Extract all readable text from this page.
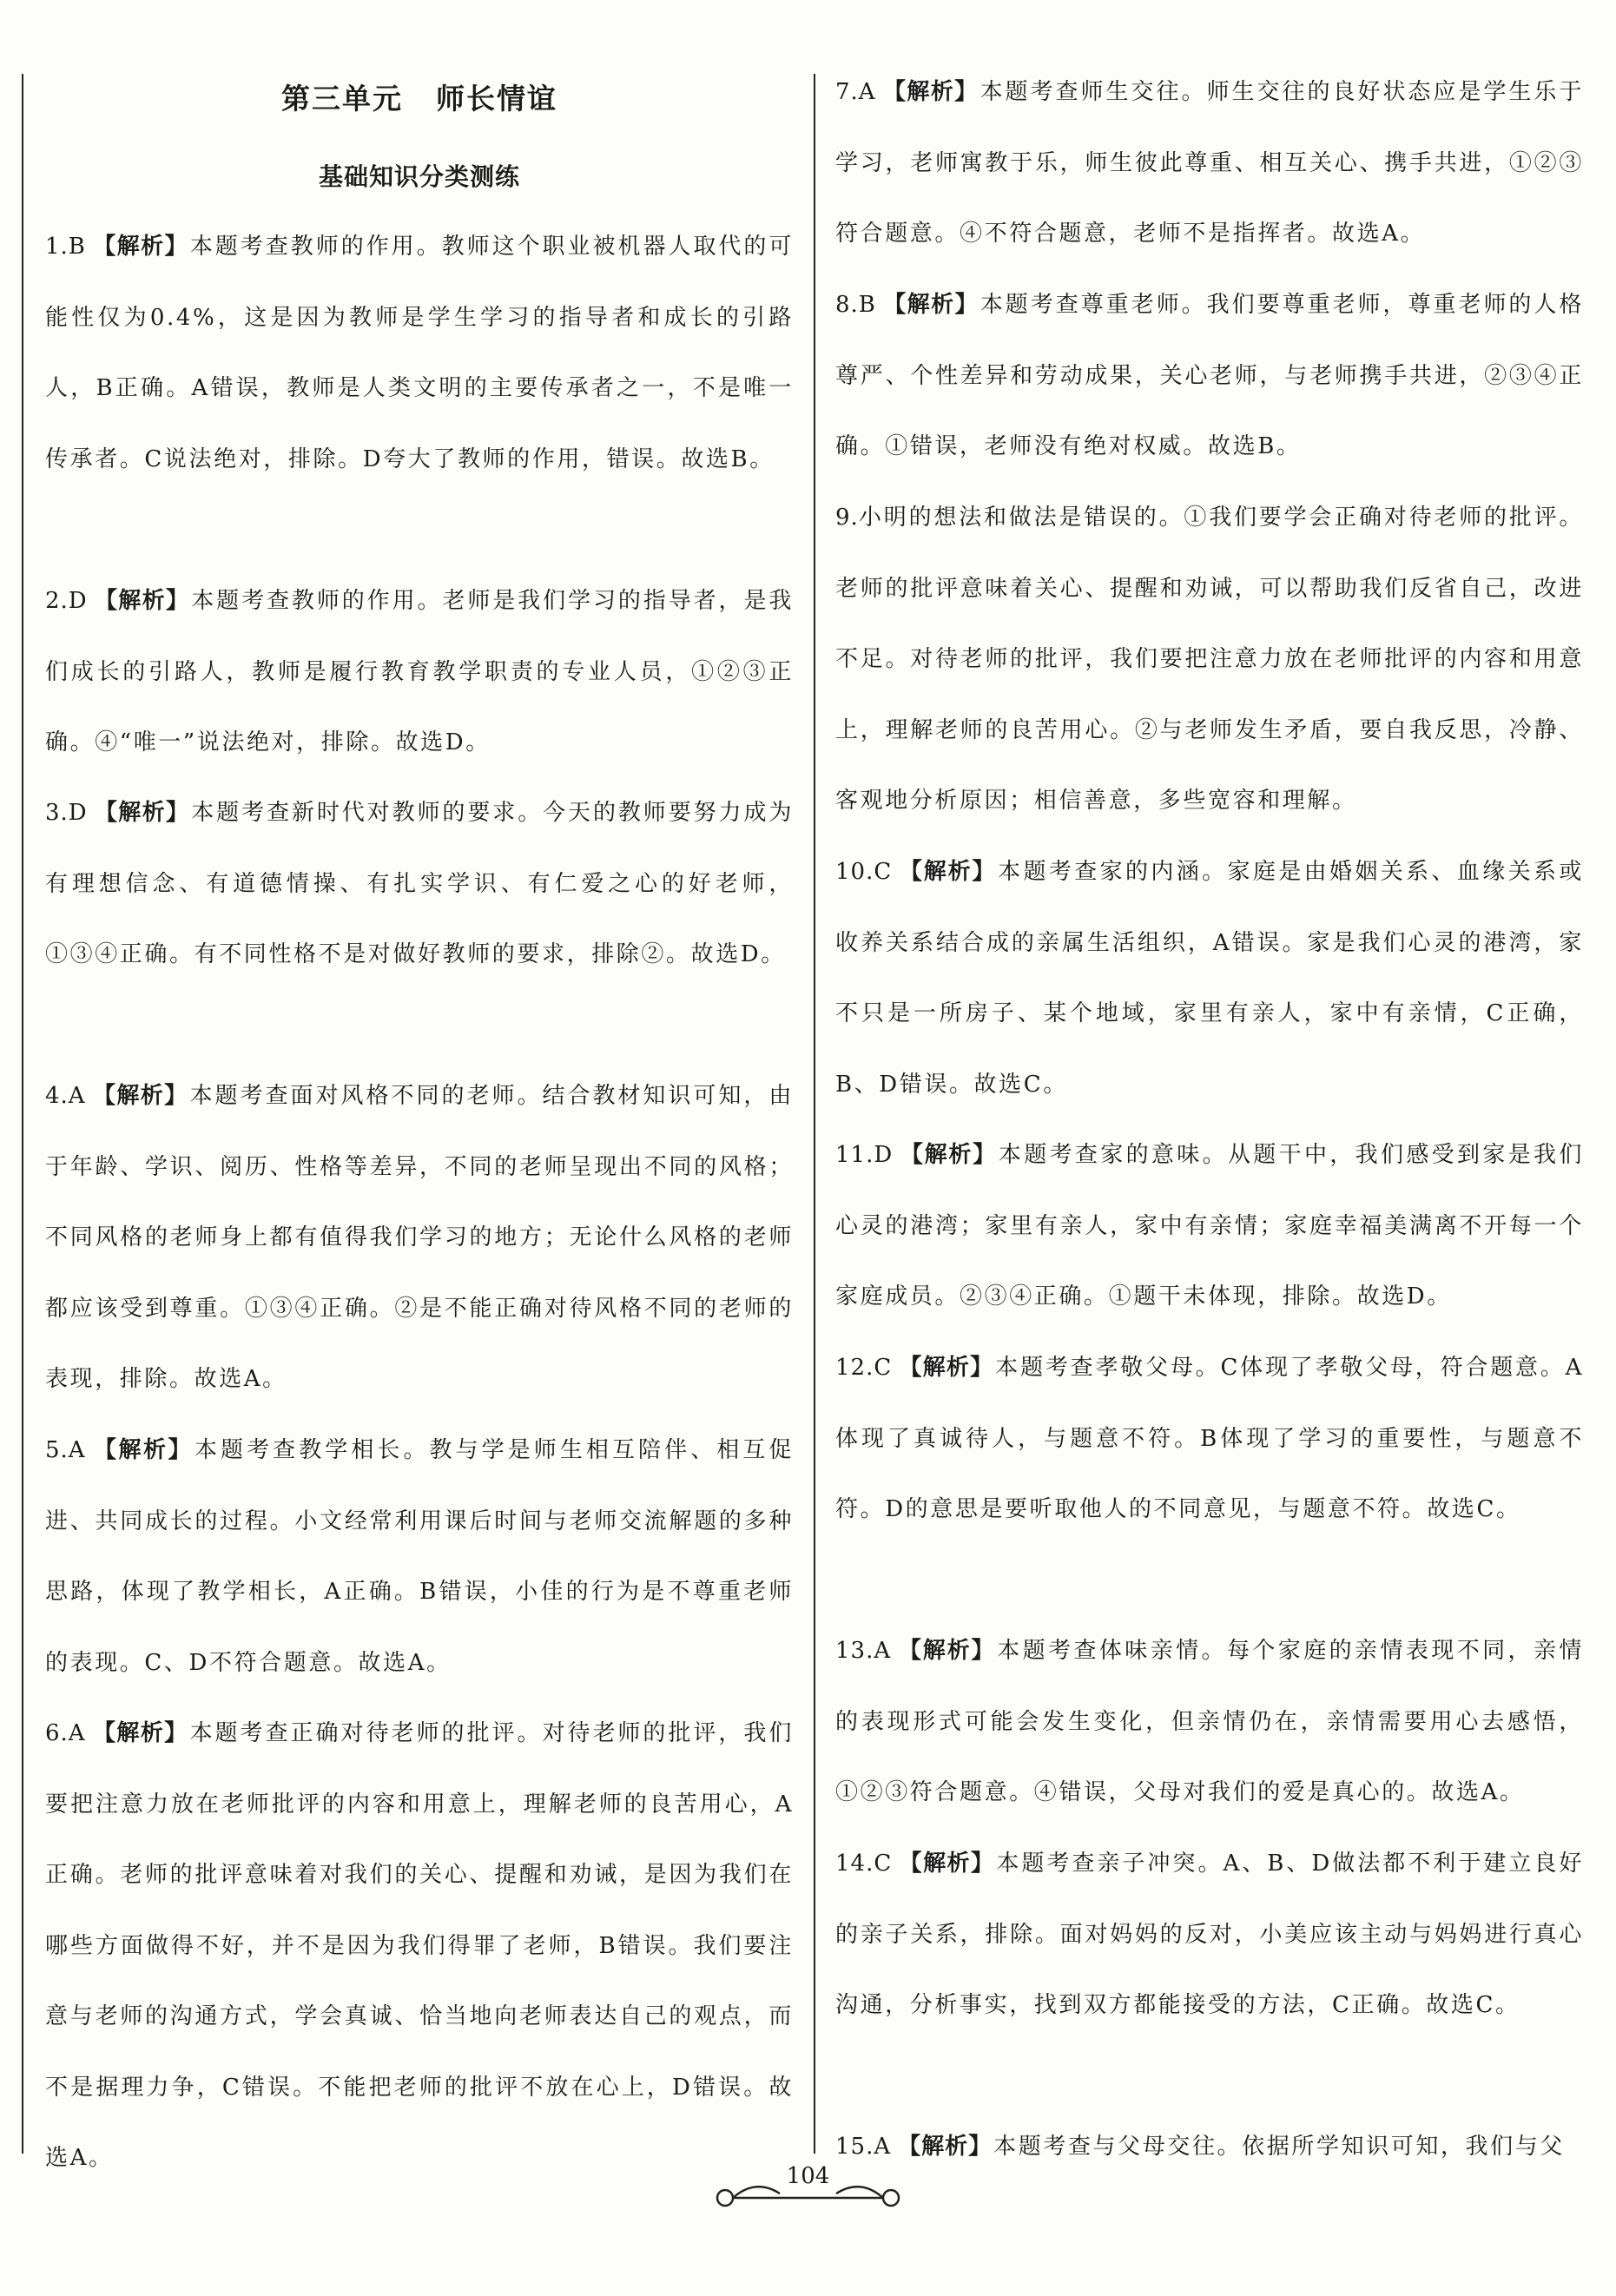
第三单元 师长情谊
基础知识分类测练
1.B 【解析】本题考查教师的作用。教师这个职业被机器人取代的可能性仅为0.4%，这是因为教师是学生学习的指导者和成长的引路人，B正确。A错误，教师是人类文明的主要传承者之一，不是唯一传承者。C说法绝对，排除。D夸大了教师的作用，错误。故选B。
2.D 【解析】本题考查教师的作用。老师是我们学习的指导者，是我们成长的引路人，教师是履行教育教学职责的专业人员，①②③正确。④“唯一”说法绝对，排除。故选D。
3.D 【解析】本题考查新时代对教师的要求。今天的教师要努力成为有理想信念、有道德情操、有扎实学识、有仁爱之心的好老师，①③④正确。有不同性格不是对做好教师的要求，排除②。故选D。
4.A 【解析】本题考查面对风格不同的老师。结合教材知识可知，由于年龄、学识、阅历、性格等差异，不同的老师呈现出不同的风格；不同风格的老师身上都有值得我们学习的地方；无论什么风格的老师都应该受到尊重。①③④正确。②是不能正确对待风格不同的老师的表现，排除。故选A。
5.A 【解析】本题考查教学相长。教与学是师生相互陪伴、相互促进、共同成长的过程。小文经常利用课后时间与老师交流解题的多种思路，体现了教学相长，A正确。B错误，小佳的行为是不尊重老师的表现。C、D不符合题意。故选A。
6.A 【解析】本题考查正确对待老师的批评。对待老师的批评，我们要把注意力放在老师批评的内容和用意上，理解老师的良苦用心，A正确。老师的批评意味着对我们的关心、提醒和劝诫，是因为我们在哪些方面做得不好，并不是因为我们得罪了老师，B错误。我们要注意与老师的沟通方式，学会真诚、恰当地向老师表达自己的观点，而不是据理力争，C错误。不能把老师的批评不放在心上，D错误。故选A。
7.A 【解析】本题考查师生交往。师生交往的良好状态应是学生乐于学习，老师寓教于乐，师生彼此尊重、相互关心、携手共进，①②③符合题意。④不符合题意，老师不是指挥者。故选A。
8.B 【解析】本题考查尊重老师。我们要尊重老师，尊重老师的人格尊严、个性差异和劳动成果，关心老师，与老师携手共进，②③④正确。①错误，老师没有绝对权威。故选B。
9.小明的想法和做法是错误的。①我们要学会正确对待老师的批评。老师的批评意味着关心、提醒和劝诫，可以帮助我们反省自己，改进不足。对待老师的批评，我们要把注意力放在老师批评的内容和用意上，理解老师的良苦用心。②与老师发生矛盾，要自我反思，冷静、客观地分析原因；相信善意，多些宽容和理解。
10.C 【解析】本题考查家的内涵。家庭是由婚姻关系、血缘关系或收养关系结合成的亲属生活组织，A错误。家是我们心灵的港湾，家不只是一所房子、某个地域，家里有亲人，家中有亲情，C正确，B、D错误。故选C。
11.D 【解析】本题考查家的意味。从题干中，我们感受到家是我们心灵的港湾；家里有亲人，家中有亲情；家庭幸福美满离不开每一个家庭成员。②③④正确。①题干未体现，排除。故选D。
12.C 【解析】本题考查孝敬父母。C体现了孝敬父母，符合题意。A体现了真诚待人，与题意不符。B体现了学习的重要性，与题意不符。D的意思是要听取他人的不同意见，与题意不符。故选C。
13.A 【解析】本题考查体味亲情。每个家庭的亲情表现不同，亲情的表现形式可能会发生变化，但亲情仍在，亲情需要用心去感悟，①②③符合题意。④错误，父母对我们的爱是真心的。故选A。
14.C 【解析】本题考查亲子冲突。A、B、D做法都不利于建立良好的亲子关系，排除。面对妈妈的反对，小美应该主动与妈妈进行真心沟通，分析事实，找到双方都能接受的方法，C正确。故选C。
15.A 【解析】本题考查与父母交往。依据所学知识可知，我们与父
104
